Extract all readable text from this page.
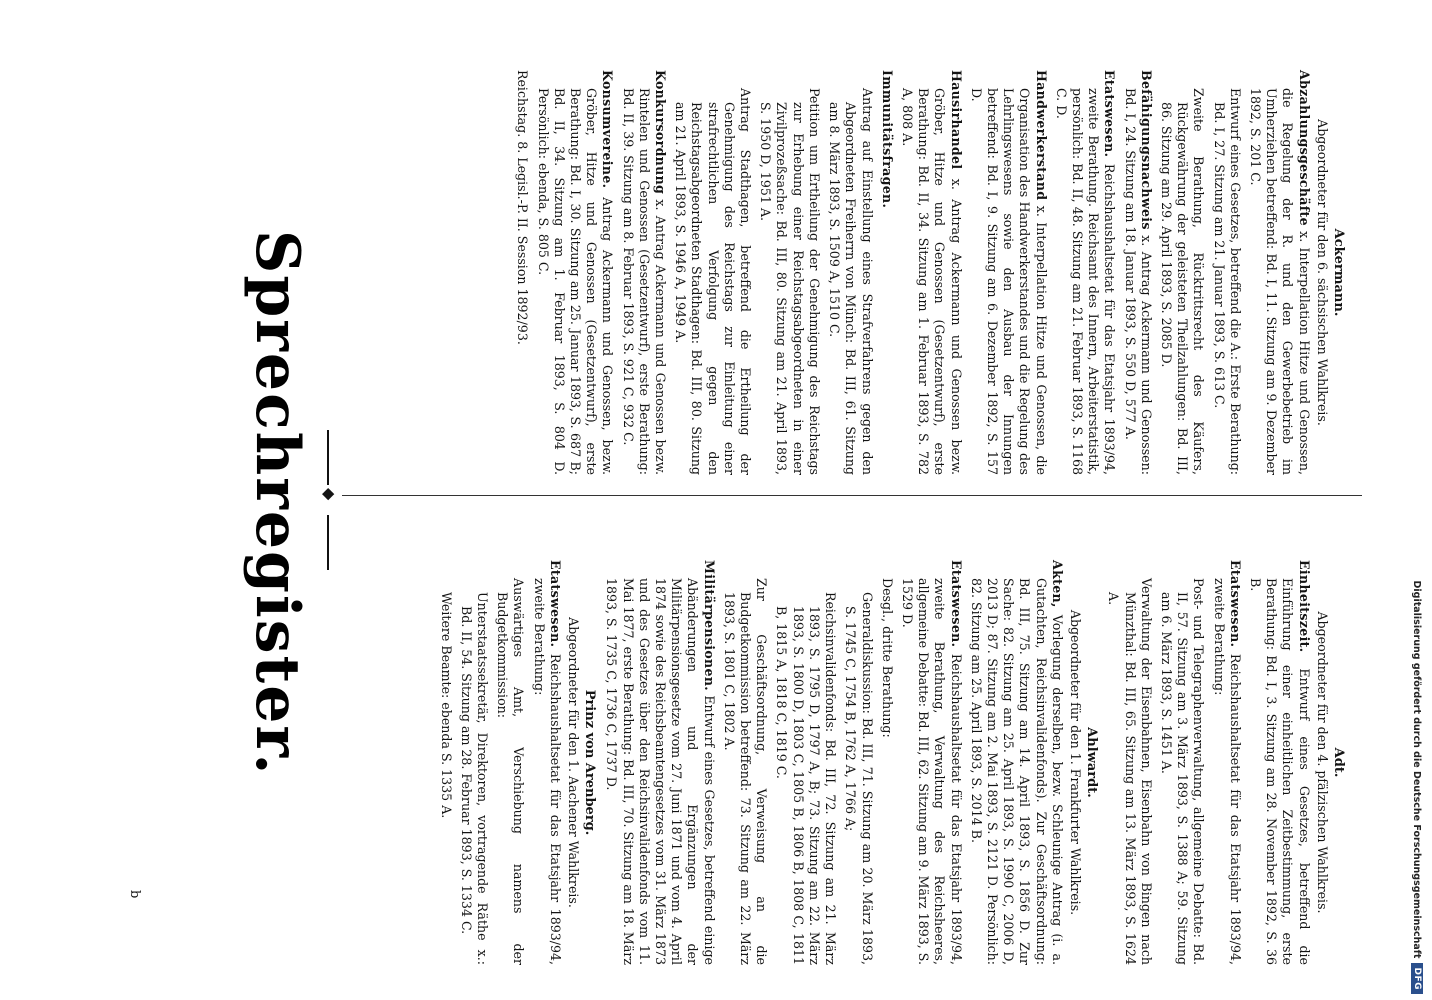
Digitalisierung gefördert durch die Deutsche Forschungsgemeinschaft
DFG
Adt.
Abgeordneter für den 4. pfälzischen Wahlkreis.
Einheitszeit. Entwurf eines Gesetzes, betreffend die Einführung einer einheitlichen Zeitbestimmung, erste Berathung: Bd. I, 3. Sitzung am 28. November 1892, S. 36 B.
Etatswesen. Reichshaushaltsetat für das Etatsjahr 1893/94, zweite Berathung:
Post- und Telegraphenverwaltung, allgemeine Debatte: Bd. II, 57. Sitzung am 3. März 1893, S. 1388 A; 59. Sitzung am 6. März 1893, S. 1451 A.
Verwaltung der Eisenbahnen, Eisenbahn von Bingen nach Münzthal: Bd. III, 65. Sitzung am 13. März 1893, S. 1624 A.
Ahlwardt.
Abgeordneter für den 1. Frankfurter Wahlkreis.
Akten, Vorlegung derselben, bezw. Schleunige Antrag (i. a. Gutachten, Reichsinvalidenfonds). Zur Geschäftsordnung: Bd. III, 75. Sitzung am 14. April 1893, S. 1856 D. Zur Sache: 82. Sitzung am 25. April 1893, S. 1990 C, 2006 D, 2013 D; 87. Sitzung am 2. Mai 1893, S. 2121 D. Persönlich: 82. Sitzung am 25. April 1893, S. 2014 B.
Etatswesen. Reichshaushaltsetat für das Etatsjahr 1893/94, zweite Berathung, Verwaltung des Reichsheeres, allgemeine Debatte: Bd. III, 62. Sitzung am 9. März 1893, S. 1529 D.
Desgl., dritte Berathung:
Generaldiskussion: Bd. III, 71. Sitzung am 20. März 1893, S. 1745 C, 1754 B, 1762 A, 1766 A;
Reichsinvalidenfonds: Bd. III, 72. Sitzung am 21. März 1893, S. 1795 D, 1797 A, B; 73. Sitzung am 22. März 1893, S. 1800 D, 1803 C, 1805 B, 1806 B, 1808 C, 1811 B, 1815 A, 1818 C, 1819 C.
Zur Geschäftsordnung, Verweisung an die Budgetkommission betreffend: 73. Sitzung am 22. März 1893, S. 1801 C, 1802 A.
Militärpensionen. Entwurf eines Gesetzes, betreffend einige Abänderungen und Ergänzungen der Militärpensionsgesetze vom 27. Juni 1871 und vom 4. April 1874 sowie des Reichsbeamtengesetzes vom 31. März 1873 und des Gesetzes über den Reichsinvalidenfonds vom 11. Mai 1877, erste Berathung: Bd. III, 70. Sitzung am 18. März 1893, S. 1735 C, 1736 C, 1737 D.
Prinz von Arenberg.
Abgeordneter für den 1. Aachener Wahlkreis.
Etatswesen. Reichshaushaltsetat für das Etatsjahr 1893/94, zweite Berathung:
Auswärtiges Amt, Verschiebung namens der Budgetkommission:
Unterstaatssekretär, Direktoren, vortragende Räthe x.: Bd. II, 54. Sitzung am 28. Februar 1893, S. 1334 C.
Weitere Beamte: ebenda S. 1335 A.
Ackermann.
Abgeordneter für den 6. sächsischen Wahlkreis.
Abzahlungsgeschäfte x. Interpellation Hitze und Genossen, die Regelung der R. und den Gewerbebetrieb im Umherziehen betreffend: Bd. I, 11. Sitzung am 9. Dezember 1892, S. 201 C.
Entwurf eines Gesetzes, betreffend die A.: Erste Berathung: Bd. I, 27. Sitzung am 21. Januar 1893, S. 613 C.
Zweite Berathung, Rücktrittsrecht des Käufers, Rückgewährung der geleisteten Theilzahlungen: Bd. III, 86. Sitzung am 29. April 1893, S. 2085 D.
Befähigungsnachweis x. Antrag Ackermann und Genossen: Bd. I, 24. Sitzung am 18. Januar 1893, S. 550 D, 577 A.
Etatswesen. Reichshaushaltsetat für das Etatsjahr 1893/94, zweite Berathung. Reichsamt des Innern, Arbeiterstatistik, persönlich: Bd. II, 48. Sitzung am 21. Februar 1893, S. 1168 C. D.
Handwerkerstand x. Interpellation Hitze und Genossen, die Organisation des Handwerkerstandes und die Regelung des Lehrlingswesens sowie den Ausbau der Innungen betreffend: Bd. I, 9. Sitzung am 6. Dezember 1892, S. 157 D.
Hausirhandel x. Antrag Ackermann und Genossen bezw. Gröber, Hitze und Genossen (Gesetzentwurf), erste Berathung: Bd. II, 34. Sitzung am 1. Februar 1893, S. 782 A, 808 A.
Immunitätsfragen.
Antrag auf Einstellung eines Strafverfahrens gegen den Abgeordneten Freiherrn von Münch: Bd. III, 61. Sitzung am 8. März 1893, S. 1509 A, 1510 C.
Petition um Ertheilung der Genehmigung des Reichstags zur Erhebung einer Reichstagsabgeordneten in einer Zivilprozeßsache: Bd. III, 80. Sitzung am 21. April 1893, S. 1950 D, 1951 A.
Antrag Stadthagen, betreffend die Ertheilung der Genehmigung des Reichstags zur Einleitung einer strafrechtlichen Verfolgung gegen den Reichstagsabgeordneten Stadthagen: Bd. III, 80. Sitzung am 21. April 1893, S. 1946 A, 1949 A.
Konkursordnung x. Antrag Ackermann und Genossen bezw. Rintelen und Genossen (Gesetzentwurf), erste Berathung: Bd. II, 39. Sitzung am 8. Februar 1893, S. 921 C, 932 C.
Konsumvereine. Antrag Ackermann und Genossen, bezw. Gröber, Hitze und Genossen (Gesetzentwurf), erste Berathung: Bd. I, 30. Sitzung am 25. Januar 1893, S. 687 B; Bd. II, 34. Sitzung am 1. Februar 1893, S. 804 D. Persönlich: ebenda, S. 805 C.
Reichstag. 8. Legisl.-P. II. Session 1892/93.
◆
Sprechregister.
b
